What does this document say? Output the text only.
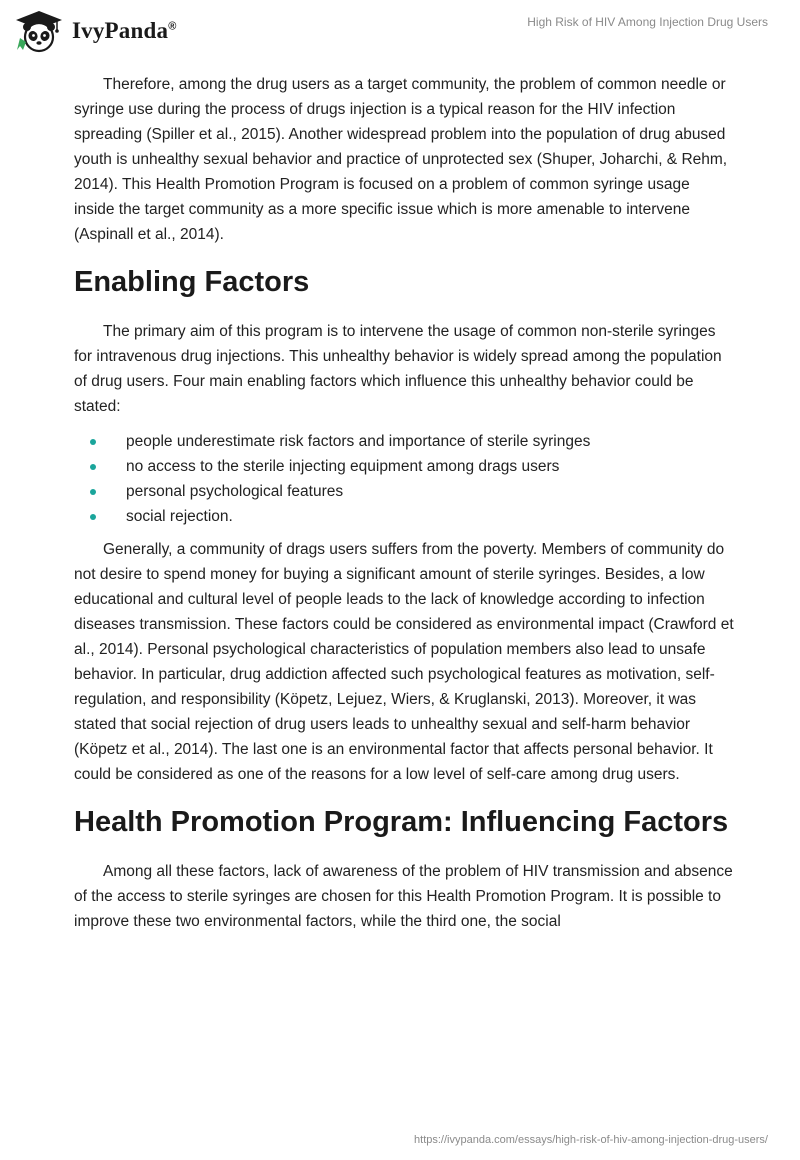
IvyPanda®	High Risk of HIV Among Injection Drug Users

Therefore, among the drug users as a target community, the problem of common needle or syringe use during the process of drugs injection is a typical reason for the HIV infection spreading (Spiller et al., 2015). Another widespread problem into the population of drug abused youth is unhealthy sexual behavior and practice of unprotected sex (Shuper, Joharchi, & Rehm, 2014). This Health Promotion Program is focused on a problem of common syringe usage inside the target community as a more specific issue which is more amenable to intervene (Aspinall et al., 2014).

Enabling Factors

The primary aim of this program is to intervene the usage of common non-sterile syringes for intravenous drug injections. This unhealthy behavior is widely spread among the population of drug users. Four main enabling factors which influence this unhealthy behavior could be stated:

people underestimate risk factors and importance of sterile syringes
no access to the sterile injecting equipment among drags users
personal psychological features
social rejection.

Generally, a community of drags users suffers from the poverty. Members of community do not desire to spend money for buying a significant amount of sterile syringes. Besides, a low educational and cultural level of people leads to the lack of knowledge according to infection diseases transmission. These factors could be considered as environmental impact (Crawford et al., 2014). Personal psychological characteristics of population members also lead to unsafe behavior. In particular, drug addiction affected such psychological features as motivation, self-regulation, and responsibility (Köpetz, Lejuez, Wiers, & Kruglanski, 2013). Moreover, it was stated that social rejection of drug users leads to unhealthy sexual and self-harm behavior (Köpetz et al., 2014). The last one is an environmental factor that affects personal behavior. It could be considered as one of the reasons for a low level of self-care among drug users.

Health Promotion Program: Influencing Factors

Among all these factors, lack of awareness of the problem of HIV transmission and absence of the access to sterile syringes are chosen for this Health Promotion Program. It is possible to improve these two environmental factors, while the third one, the social

https://ivypanda.com/essays/high-risk-of-hiv-among-injection-drug-users/
